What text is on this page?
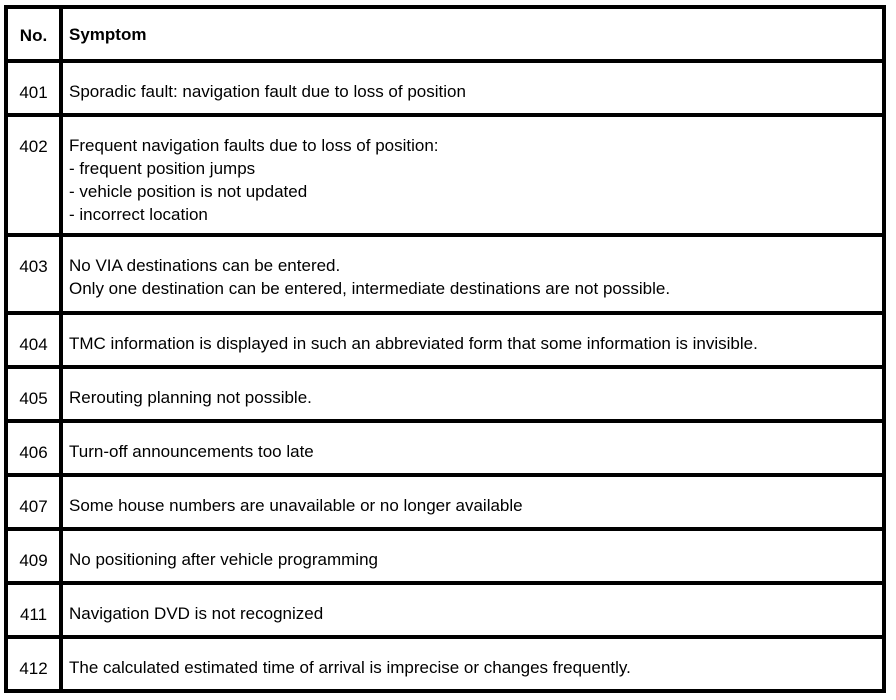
No.	Symptom
401	Sporadic fault: navigation fault due to loss of position
402	Frequent navigation faults due to loss of position:
- frequent position jumps
- vehicle position is not updated
- incorrect location
403	No VIA destinations can be entered.
Only one destination can be entered, intermediate destinations are not possible.
404	TMC information is displayed in such an abbreviated form that some information is invisible.
405	Rerouting planning not possible.
406	Turn-off announcements too late
407	Some house numbers are unavailable or no longer available
409	No positioning after vehicle programming
411	Navigation DVD is not recognized
412	The calculated estimated time of arrival is imprecise or changes frequently.
